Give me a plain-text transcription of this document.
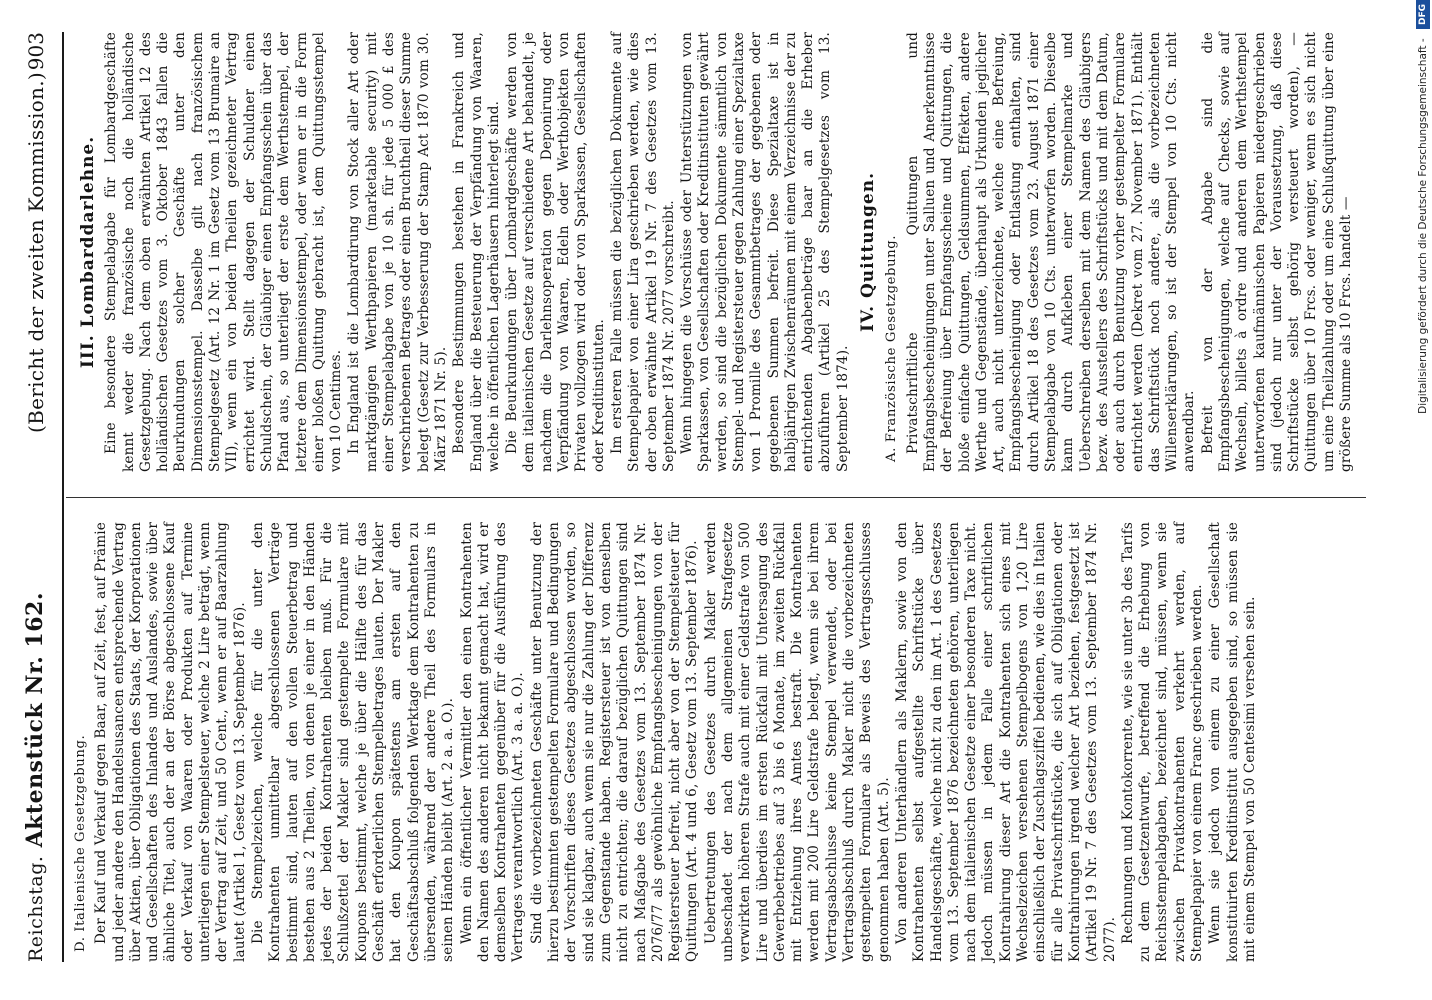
Reichstag. Aktenstück Nr. 162.
(Bericht der zweiten Kommission.)
903
D. Italienische Gesetzgebung. Der Kauf und Verkauf gegen Baar, auf Zeit, fest, auf Prämie und jeder andere den Handelsusancen entsprechende Vertrag über Aktien, über Obligationen des Staats, der Korporationen und Gesellschaften des Inlandes und Auslandes, sowie über ähnliche Titel, auch der an der Börse abgeschlossene Kauf oder Verkauf von Waaren oder Produkten auf Termine unterliegen einer Stempelsteuer, welche 2 Lire beträgt, wenn der Vertrag auf Zeit, und 50 Cent., wenn er auf Baarzahlung lautet (Artikel 1, Gesetz vom 13. September 1876). Die Stempelzeichen, welche für die unter den Kontrahenten unmittelbar abgeschlossenen Verträge bestimmt sind, lauten auf den vollen Steuerbetrag und bestehen aus 2 Theilen, von denen je einer in den Händen jedes der beiden Kontrahenten bleiben muß. Für die Schlußzettel der Makler sind gestempelte Formulare mit Koupons bestimmt, welche je über die Hälfte des für das Geschäft erforderlichen Stempelbetrages lauten. Der Makler hat den Koupon spätestens am ersten auf den Geschäftsabschluß folgenden Werktage dem Kontrahenten zu übersenden, während der andere Theil des Formulars in seinen Händen bleibt (Art. 2 a. a. O.). Wenn ein öffentlicher Vermittler den einen Kontrahenten den Namen des anderen nicht bekannt gemacht hat, wird er demselben Kontrahenten gegenüber für die Ausführung des Vertrages verantwortlich (Art. 3 a. a. O.). Sind die vorbezeichneten Geschäfte unter Benutzung der hierzu bestimmten gestempelten Formulare und Bedingungen der Vorschriften dieses Gesetzes abgeschlossen worden, so sind sie klagbar, auch wenn sie nur die Zahlung der Differenz zum Gegenstande haben. Registersteuer ist von denselben nicht zu entrichten; die darauf bezüglichen Quittungen sind nach Maßgabe des Gesetzes vom 13. September 1874 Nr. 2076/77 als gewöhnliche Empfangsbescheinigungen von der Registersteuer befreit, nicht aber von der Stempelsteuer für Quittungen (Art. 4 und 6, Gesetz vom 13. September 1876). Uebertretungen des Gesetzes durch Makler werden unbeschadet der nach dem allgemeinen Strafgesetze verwirkten höheren Strafe auch mit einer Geldstrafe von 500 Lire und überdies im ersten Rückfall mit Untersagung des Gewerbebetriebes auf 3 bis 6 Monate, im zweiten Rückfall mit Entziehung ihres Amtes bestraft. Die Kontrahenten werden mit 200 Lire Geldstrafe belegt, wenn sie bei ihrem Vertragsabschlusse keine Stempel verwendet, oder bei Vertragsabschluß durch Makler nicht die vorbezeichneten gestempelten Formulare als Beweis des Vertragsschlusses genommen haben (Art. 5). Von anderen Unterhändlern als Maklern, sowie von den Kontrahenten selbst aufgestellte Schriftstücke über Handelsgeschäfte, welche nicht zu den im Art. 1 des Gesetzes vom 13. September 1876 bezeichneten gehören, unterliegen nach dem italienischen Gesetze einer besonderen Taxe nicht. Jedoch müssen in jedem Falle einer schriftlichen Kontrahirung dieser Art die Kontrahenten sich eines mit Wechselzeichen versehenen Stempelbogens von 1,20 Lire einschließlich der Zuschlagsziffel bedienen, wie dies in Italien für alle Privatschriftstücke, die sich auf Obligationen oder Kontrahirungen irgend welcher Art beziehen, festgesetzt ist (Artikel 19 Nr. 7 des Gesetzes vom 13. September 1874 Nr. 2077). Rechnungen und Kontokorrente, wie sie unter 3b des Tarifs zu dem Gesetzentwurfe, betreffend die Erhebung von Reichsstempelabgaben, bezeichnet sind, müssen, wenn sie zwischen Privatkontrahenten verkehrt werden, auf Stempelpapier von einem Franc geschrieben werden. Wenn sie jedoch von einem zu einer Gesellschaft konstituirten Kreditinstitut ausgegeben sind, so müssen sie mit einem Stempel von 50 Centesimi versehen sein.

III. Lombarddarlehne. Eine besondere Stempelabgabe für Lombardgeschäfte kennt weder die französische noch die holländische Gesetzgebung. Nach dem oben erwähnten Artikel 12 des holländischen Gesetzes vom 3. Oktober 1843 fallen die Beurkundungen solcher Geschäfte unter den Dimensionsstempel. Dasselbe gilt nach französischem Stempelgesetz (Art. 12 Nr. 1 im Gesetz vom 13 Brumaire an VII), wenn ein von beiden Theilen gezeichneter Vertrag errichtet wird. Stellt dagegen der Schuldner einen Schuldschein, der Gläubiger einen Empfangsschein über das Pfand aus, so unterliegt der erste dem Werthstempel, der letztere dem Dimensionsstempel, oder wenn er in die Form einer bloßen Quittung gebracht ist, dem Quittungsstempel von 10 Centimes. In England ist die Lombardirung von Stock aller Art oder marktgängigen Werthpapieren (marketable security) mit einer Stempelabgabe von je 10 sh. für jede 5 000 £ des verschriebenen Betrages oder einen Bruchtheil dieser Summe belegt (Gesetz zur Verbesserung der Stamp Act 1870 vom 30. März 1871 Nr. 5). Besondere Bestimmungen bestehen in Frankreich und England über die Besteuerung der Verpfändung von Waaren, welche in öffentlichen Lagerhäusern hinterlegt sind. Die Beurkundungen über Lombardgeschäfte werden von dem italienischen Gesetze auf verschiedene Art behandelt, je nachdem die Darlehnsoperation gegen Deponirung oder Verpfändung von Waaren, Edeln oder Werthobjekten von Privaten vollzogen wird oder von Sparkassen, Gesellschaften oder Kreditinstituten. Im ersteren Falle müssen die bezüglichen Dokumente auf Stempelpapier von einer Lira geschrieben werden, wie dies der oben erwähnte Artikel 19 Nr. 7 des Gesetzes vom 13. September 1874 Nr. 2077 vorschreibt. Wenn hingegen die Vorschüsse oder Unterstützungen von Sparkassen, von Gesellschaften oder Kreditinstituten gewährt werden, so sind die bezüglichen Dokumente sämmtlich von Stempel- und Registersteuer gegen Zahlung einer Spezialtaxe von 1 Promille des Gesammtbetrages der gegebenen oder gegebenen Summen befreit. Diese Spezialtaxe ist in halbjährigen Zwischenräumen mit einem Verzeichnisse der zu entrichtenden Abgabenbeträge baar an die Erheber abzuführen (Artikel 25 des Stempelgesetzes vom 13. September 1874).

IV. Quittungen. A. Französische Gesetzgebung. Privatschriftliche Quittungen und Empfangsbescheinigungen unter Salluen und Anerkenntnisse der Befreiung über Empfangsscheine und Quittungen, die bloße einfache Quittungen, Geldsummen, Effekten, andere Werthe und Gegenstände, überhaupt als Urkunden jeglicher Art, auch nicht unterzeichnete, welche eine Befreiung, Empfangsbescheinigung oder Entlastung enthalten, sind durch Artikel 18 des Gesetzes vom 23. August 1871 einer Stempelabgabe von 10 Cts. unterworfen worden. Dieselbe kann durch Aufkleben einer Stempelmarke und Ueberschreiben derselben mit dem Namen des Gläubigers bezw. des Ausstellers des Schriftstücks und mit dem Datum, oder auch durch Benutzung vorher gestempelter Formulare entrichtet werden (Dekret vom 27. November 1871). Enthält das Schriftstück noch andere, als die vorbezeichneten Willenserklärungen, so ist der Stempel von 10 Cts. nicht anwendbar. Befreit von der Abgabe sind die Empfangsbescheinigungen, welche auf Checks, sowie auf Wechseln, billets à ordre und anderen dem Werthstempel unterworfenen kaufmännischen Papieren niedergeschrieben sind (jedoch nur unter der Voraussetzung, daß diese Schriftstücke selbst gehörig versteuert worden), — Quittungen über 10 Frcs. oder weniger, wenn es sich nicht um eine Theilzahlung oder um eine Schlußquittung über eine größere Summe als 10 Frcs. handelt —	Digitalisierung gefördert durch die Deutsche Forschungsgemeinschaft - DFG
